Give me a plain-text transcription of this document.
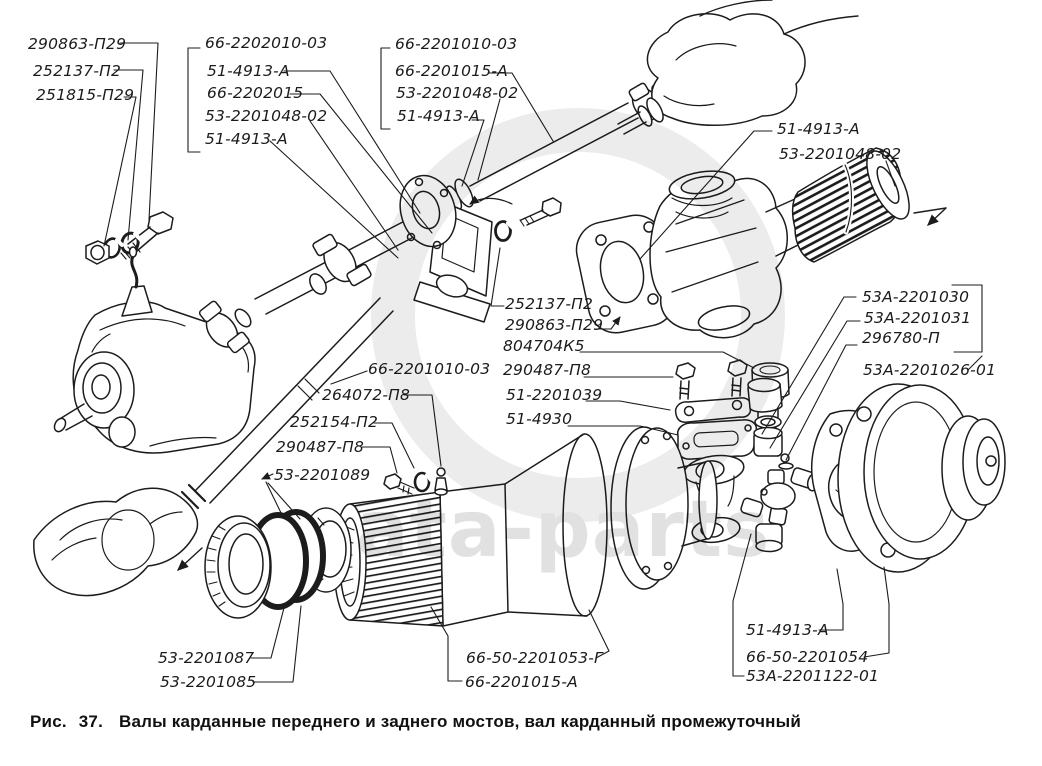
290863-П29
252137-П2
251815-П29
66-2202010-03
51-4913-А
66-2202015
53-2201048-02
51-4913-А
66-2201010-03
66-2201015-А
53-2201048-02
51-4913-А
51-4913-А
53-2201048-02
53А-2201030
53А-2201031
296780-П
53А-2201026-01
252137-П2
290863-П29
804704К5
290487-П8
51-2201039
51-4930
66-2201010-03
264072-П8
252154-П2
290487-П8
53-2201089
53-2201087
53-2201085
66-50-2201053-Г
66-2201015-А
51-4913-А
66-50-2201054
53А-2201122-01
Рис. 37. Валы карданные переднего и заднего мостов, вал карданный промежуточный
ata-parts
